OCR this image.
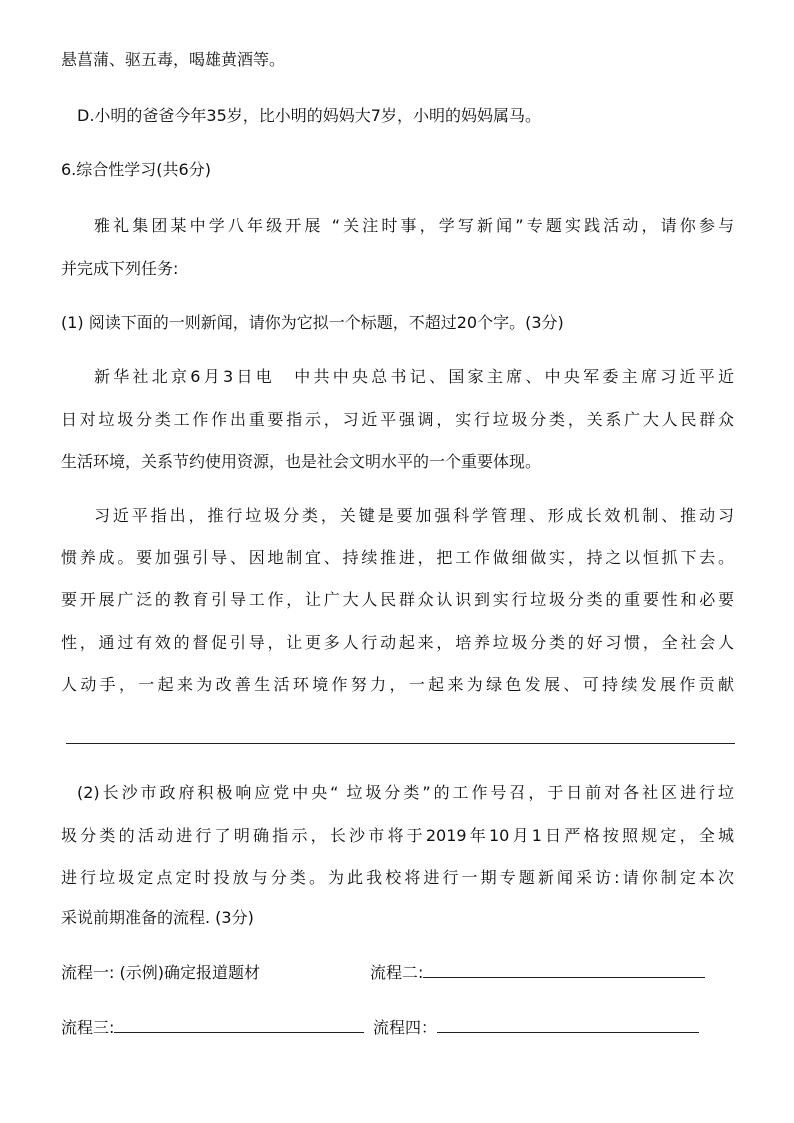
悬菖蒲、驱五毒，喝雄黄酒等。
D.小明的爸爸今年35岁，比小明的妈妈大7岁，小明的妈妈属马。
6.综合性学习(共6分)
雅礼集团某中学八年级开展 “关注时事，学写新闻”专题实践活动，请你参与
并完成下列任务:
(1) 阅读下面的一则新闻，请你为它拟一个标题，不超过20个字。(3分)
新华社北京6月3日电　中共中央总书记、国家主席、中央军委主席习近平近
日对垃圾分类工作作出重要指示，习近平强调，实行垃圾分类，关系广大人民群众
生活环境，关系节约使用资源，也是社会文明水平的一个重要体现。
习近平指出，推行垃圾分类，关键是要加强科学管理、形成长效机制、推动习
惯养成。要加强引导、因地制宜、持续推进，把工作做细做实，持之以恒抓下去。
要开展广泛的教育引导工作，让广大人民群众认识到实行垃圾分类的重要性和必要
性，通过有效的督促引导，让更多人行动起来，培养垃圾分类的好习惯，全社会人
人动手，一起来为改善生活环境作努力，一起来为绿色发展、可持续发展作贡献
(2)长沙市政府积极响应党中央“ 垃圾分类”的工作号召，于日前对各社区进行垃
圾分类的活动进行了明确指示，长沙市将于2019年10月1日严格按照规定，全城
进行垃圾定点定时投放与分类。为此我校将进行一期专题新闻采访:请你制定本次
采说前期准备的流程. (3分)
流程一: (示例)确定报道题材	流程二:
流程三:	流程四：
